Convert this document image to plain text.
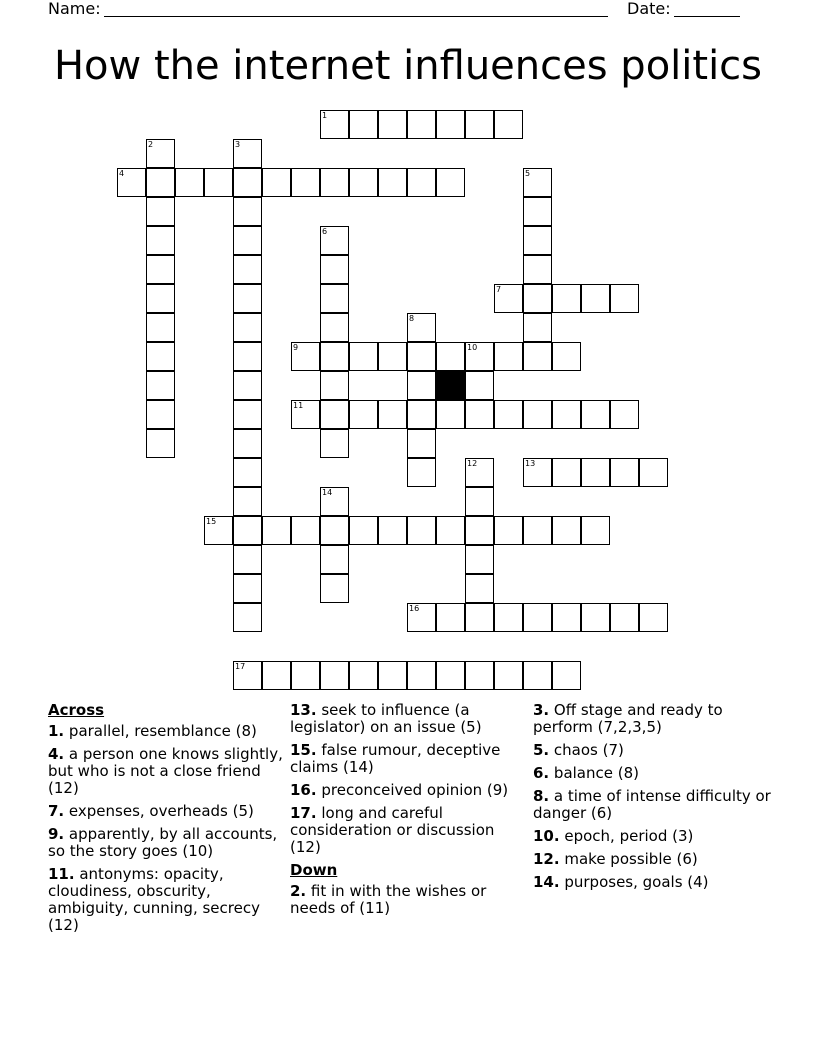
Name:	Date:
How the internet influences politics
1
2	3
4	5
6
7
8
9	10
11
12	13
14
15
16
17
Across
1. parallel, resemblance (8)
4. a person one knows slightly, but who is not a close friend (12)
7. expenses, overheads (5)
9. apparently, by all accounts, so the story goes (10)
11. antonyms: opacity, cloudiness, obscurity, ambiguity, cunning, secrecy (12)
13. seek to influence (a legislator) on an issue (5)
15. false rumour, deceptive claims (14)
16. preconceived opinion (9)
17. long and careful consideration or discussion (12)
Down
2. fit in with the wishes or needs of (11)
3. Off stage and ready to perform (7,2,3,5)
5. chaos (7)
6. balance (8)
8. a time of intense difficulty or danger (6)
10. epoch, period (3)
12. make possible (6)
14. purposes, goals (4)
